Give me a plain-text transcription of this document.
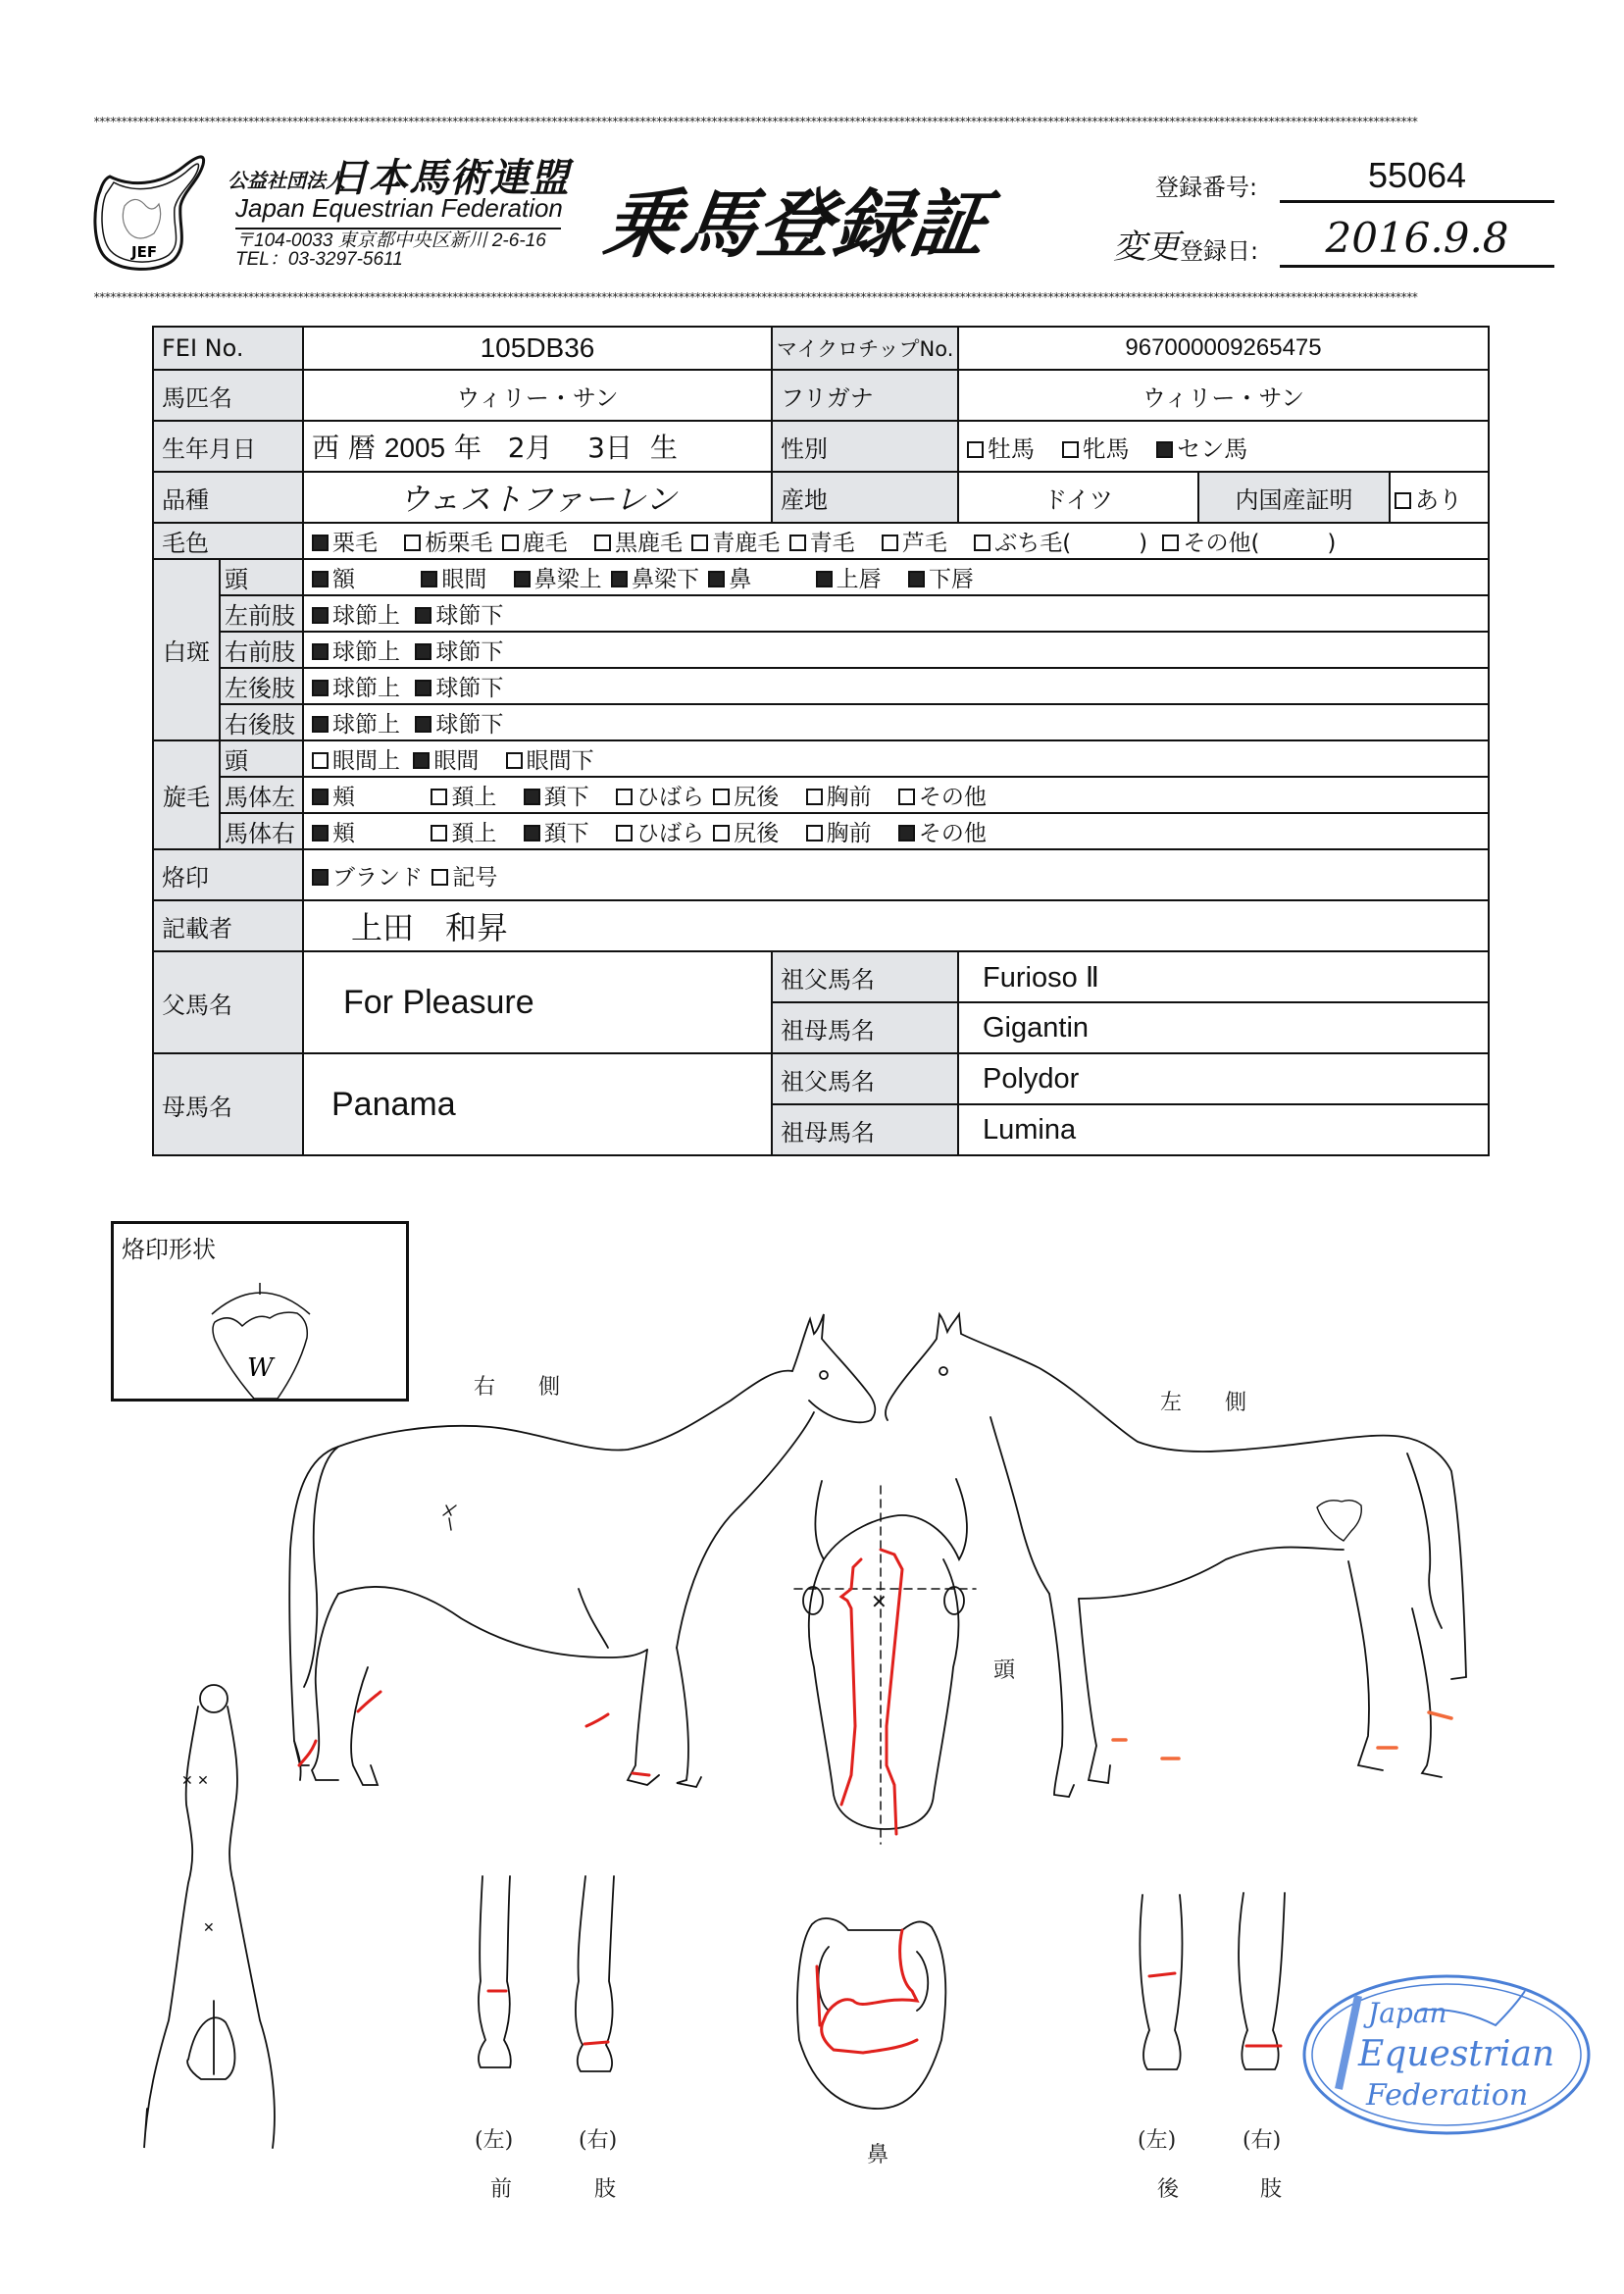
************************************************************************************************************************************************************************************************************************************************
************************************************************************************************************************************************************************************************************************************************
JEF
公益社団法人
日本馬術連盟
Japan Equestrian Federation
〒104-0033 東京都中央区新川 2-6-16
TEL：03-3297-5611	乗馬登録証	登録番号:	55064
変更 登録日:	2016.9.8
FEI No.		105DB36	マイクロチップNo.	967000009265475		
馬匹名		ウィリー・サン	フリガナ	ウィリー・サン		
生年月日		西 暦 2005 年 2月 3日 生	性別	牡馬 牝馬 セン馬		
品種		ウェストファーレン	産地	ドイツ	内国産証明	あり
毛色		栗毛 栃栗毛 鹿毛 黒鹿毛 青鹿毛 青毛 芦毛 ぶち毛(　　　) その他(　　　)				
白斑	頭	額 眼間 鼻梁上 鼻梁下 鼻 上唇 下唇				
	左前肢	球節上 球節下				
	右前肢	球節上 球節下				
	左後肢	球節上 球節下				
	右後肢	球節上 球節下				
旋毛	頭	眼間上 眼間 眼間下				
	馬体左	頬 頚上 頚下 ひばら 尻後 胸前 その他				
	馬体右	頬 頚上 頚下 ひばら 尻後 胸前 その他				
烙印		ブランド 記号				
記載者		上田　和昇				
父馬名		For Pleasure	祖父馬名	Furioso Ⅱ		
			祖母馬名	Gigantin		
母馬名		Panama	祖父馬名	Polydor		
			祖母馬名	Lumina		
烙印形状
W
✕
✕ ✕
✕
右　　側
左　　側
頭
鼻
(左)	(右)
前	肢
(左)	(右)
後	肢
Japan
Equestrian
Federation
